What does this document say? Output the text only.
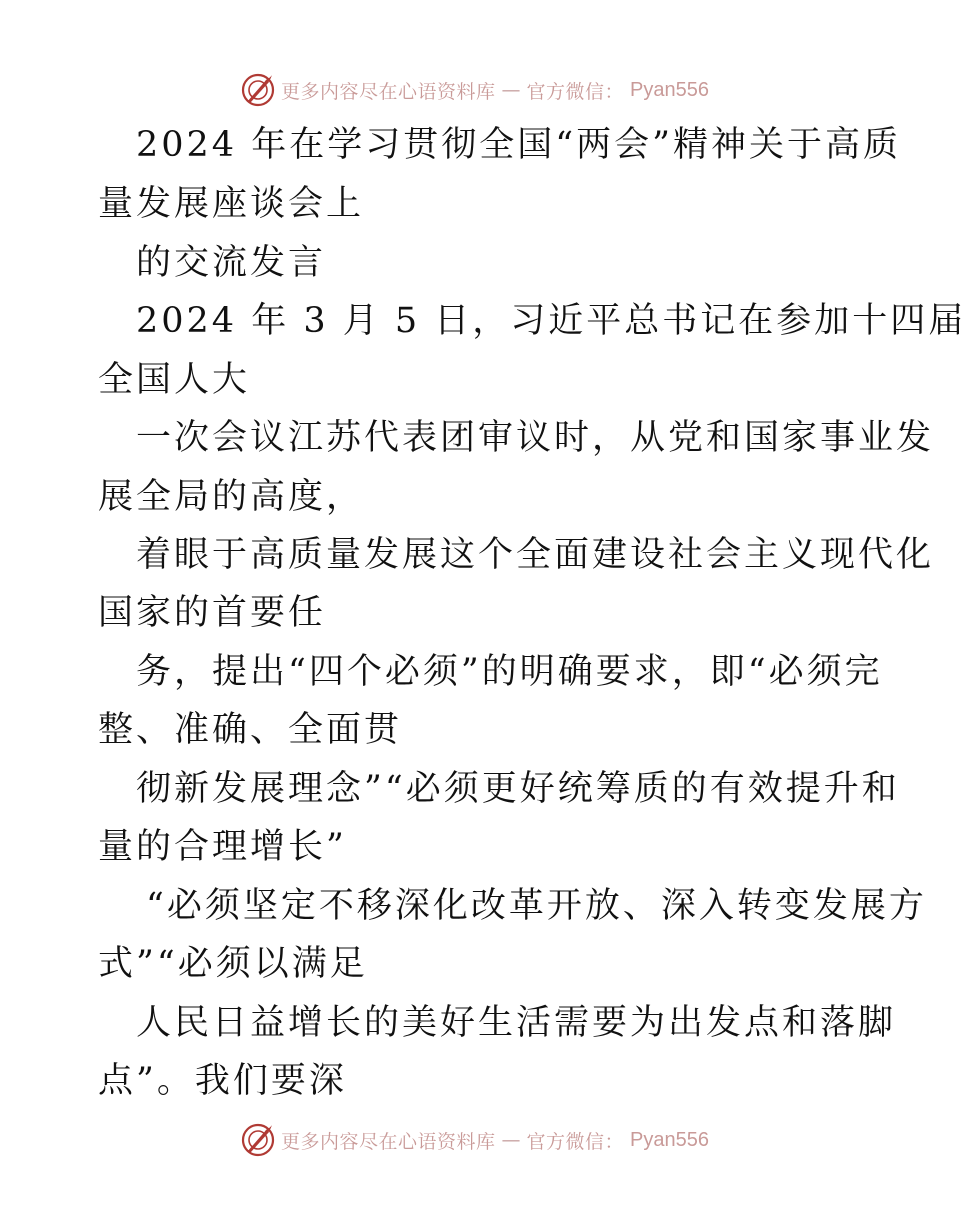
更多内容尽在心语资料库 — 官方微信： Pyan556
2024 年在学习贯彻全国“两会”精神关于高质
量发展座谈会上
的交流发言
2024 年 3 月 5 日，习近平总书记在参加十四届
全国人大
一次会议江苏代表团审议时，从党和国家事业发
展全局的高度，
着眼于高质量发展这个全面建设社会主义现代化
国家的首要任
务，提出“四个必须”的明确要求，即“必须完
整、准确、全面贯
彻新发展理念”“必须更好统筹质的有效提升和
量的合理增长”
“必须坚定不移深化改革开放、深入转变发展方
式”“必须以满足
人民日益增长的美好生活需要为出发点和落脚
点”。我们要深
更多内容尽在心语资料库 — 官方微信： Pyan556
